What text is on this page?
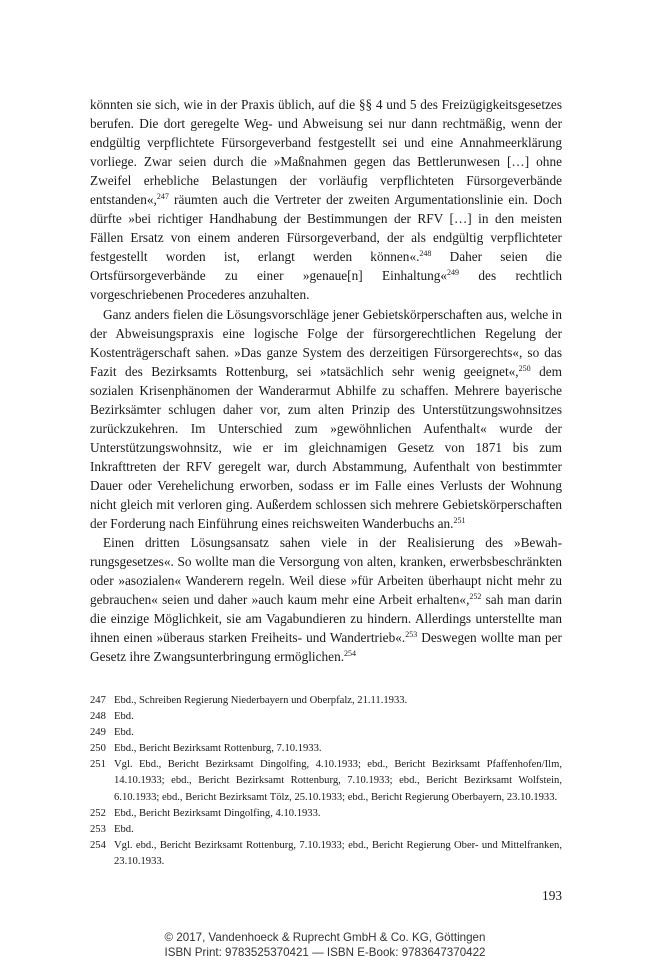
könnten sie sich, wie in der Praxis üblich, auf die §§ 4 und 5 des Freizügigkeitsgesetzes berufen. Die dort geregelte Weg- und Abweisung sei nur dann rechtmäßig, wenn der endgültig verpflichtete Fürsorgeverband festgestellt sei und eine Annahmeerklärung vorliege. Zwar seien durch die »Maßnahmen gegen das Bettlerunwesen […] ohne Zweifel erhebliche Belastungen der vorläufig verpflichteten Fürsorgeverbände entstanden«,$^{247}$ räumten auch die Vertreter der zweiten Argumentationslinie ein. Doch dürfte »bei richtiger Handhabung der Bestimmungen der RFV […] in den meisten Fällen Ersatz von einem anderen Fürsorgeverband, der als endgültig verpflichteter festgestellt worden ist, erlangt werden können«.$^{248}$ Daher seien die Ortsfürsorgeverbände zu einer »genaue[n] Einhaltung«$^{249}$ des rechtlich vorgeschriebenen Procederes anzuhalten.

Ganz anders fielen die Lösungsvorschläge jener Gebietskörperschaften aus, welche in der Abweisungspraxis eine logische Folge der fürsorgerechtlichen Regelung der Kostenträgerschaft sahen. »Das ganze System des derzeitigen Fürsorgerechts«, so das Fazit des Bezirksamts Rottenburg, sei »tatsächlich sehr wenig geeignet«,$^{250}$ dem sozialen Krisenphänomen der Wanderarmut Abhilfe zu schaffen. Mehrere bayerische Bezirksämter schlugen daher vor, zum alten Prinzip des Unterstützungswohnsitzes zurückzukehren. Im Unterschied zum »gewöhnlichen Aufenthalt« wurde der Unterstützungswohnsitz, wie er im gleichnamigen Gesetz von 1871 bis zum Inkrafttreten der RFV geregelt war, durch Abstammung, Aufenthalt von bestimmter Dauer oder Verehelichung erworben, sodass er im Falle eines Verlusts der Wohnung nicht gleich mit verloren ging. Außerdem schlossen sich mehrere Gebietskörperschaften der Forderung nach Einführung eines reichsweiten Wanderbuchs an.$^{251}$

Einen dritten Lösungsansatz sahen viele in der Realisierung des »Bewahrungsgesetzes«. So wollte man die Versorgung von alten, kranken, erwerbsbeschränkten oder »asozialen« Wanderern regeln. Weil diese »für Arbeiten überhaupt nicht mehr zu gebrauchen« seien und daher »auch kaum mehr eine Arbeit erhalten«,$^{252}$ sah man darin die einzige Möglichkeit, sie am Vagabundieren zu hindern. Allerdings unterstellte man ihnen einen »überaus starken Freiheits- und Wandertrieb«.$^{253}$ Deswegen wollte man per Gesetz ihre Zwangsunterbringung ermöglichen.$^{254}$

247 Ebd., Schreiben Regierung Niederbayern und Oberpfalz, 21.11.1933.
248 Ebd.
249 Ebd.
250 Ebd., Bericht Bezirksamt Rottenburg, 7.10.1933.
251 Vgl. Ebd., Bericht Bezirksamt Dingolfing, 4.10.1933; ebd., Bericht Bezirksamt Pfaffenhofen/Ilm, 14.10.1933; ebd., Bericht Bezirksamt Rottenburg, 7.10.1933; ebd., Bericht Bezirksamt Wolfstein, 6.10.1933; ebd., Bericht Bezirksamt Tölz, 25.10.1933; ebd., Bericht Regierung Oberbayern, 23.10.1933.
252 Ebd., Bericht Bezirksamt Dingolfing, 4.10.1933.
253 Ebd.
254 Vgl. ebd., Bericht Bezirksamt Rottenburg, 7.10.1933; ebd., Bericht Regierung Ober- und Mittelfranken, 23.10.1933.
193
© 2017, Vandenhoeck & Ruprecht GmbH & Co. KG, Göttingen
ISBN Print: 9783525370421 — ISBN E-Book: 9783647370422
